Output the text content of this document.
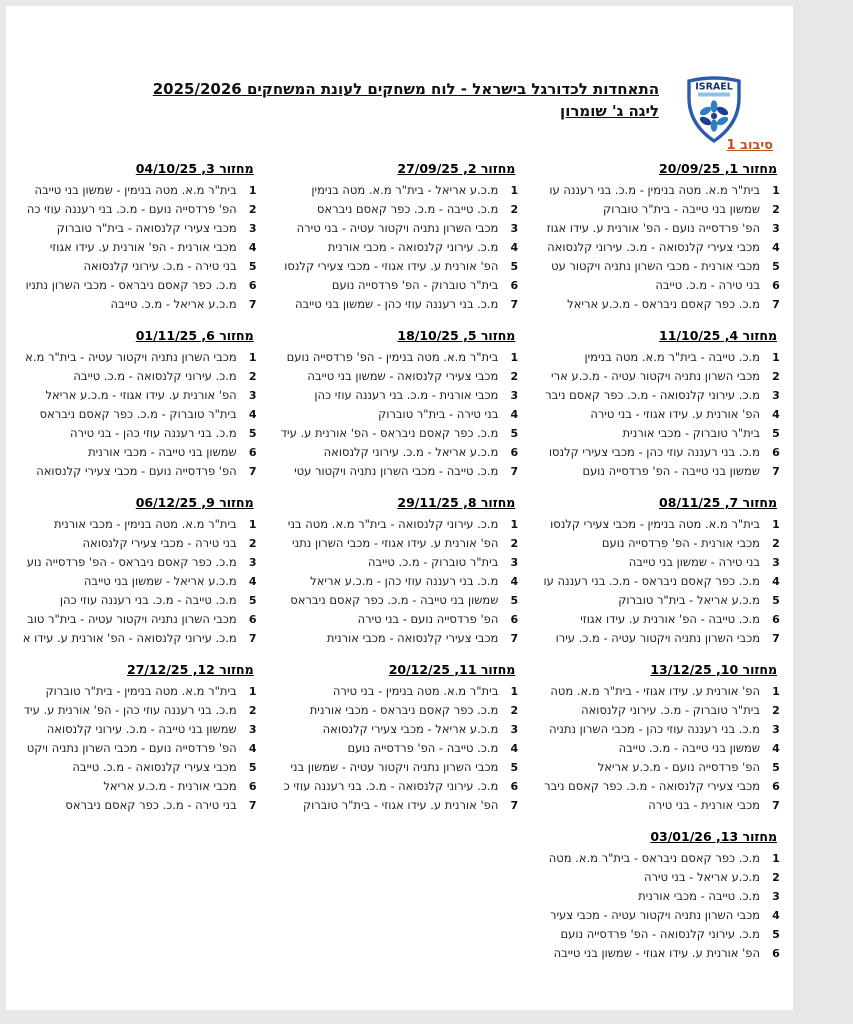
ISRAEL
התאחדות לכדורגל בישראל - לוח משחקים לעונת המשחקים 2025/2026
ליגה ג' שומרון
סיבוב 1
מחזור 1, 20/09/25
1
בית"ר מ.א. מטה בנימין - מ.כ. בני רעננה עו
2
שמשון בני טייבה - בית"ר טוברוק
3
הפ' פרדסייה נועם - הפ' אורנית ע. עידו אגוז
4
מכבי צעירי קלנסואה - מ.כ. עירוני קלנסואה
5
מכבי אורנית - מכבי השרון נתניה ויקטור עט
6
בני טירה - מ.כ. טייבה
7
מ.כ. כפר קאסם ניבראס - מ.כ.ע אריאל
מחזור 2, 27/09/25
1
מ.כ.ע אריאל - בית"ר מ.א. מטה בנימין
2
מ.כ. טייבה - מ.כ. כפר קאסם ניבראס
3
מכבי השרון נתניה ויקטור עטיה - בני טירה
4
מ.כ. עירוני קלנסואה - מכבי אורנית
5
הפ' אורנית ע. עידו אגוזי - מכבי צעירי קלנסו
6
בית"ר טוברוק - הפ' פרדסייה נועם
7
מ.כ. בני רעננה עוזי כהן - שמשון בני טייבה
מחזור 3, 04/10/25
1
בית"ר מ.א. מטה בנימין - שמשון בני טייבה
2
הפ' פרדסייה נועם - מ.כ. בני רעננה עוזי כה
3
מכבי צעירי קלנסואה - בית"ר טוברוק
4
מכבי אורנית - הפ' אורנית ע. עידו אגוזי
5
בני טירה - מ.כ. עירוני קלנסואה
6
מ.כ. כפר קאסם ניבראס - מכבי השרון נתניו
7
מ.כ.ע אריאל - מ.כ. טייבה
מחזור 4, 11/10/25
1
מ.כ. טייבה - בית"ר מ.א. מטה בנימין
2
מכבי השרון נתניה ויקטור עטיה - מ.כ.ע ארי
3
מ.כ. עירוני קלנסואה - מ.כ. כפר קאסם ניבר
4
הפ' אורנית ע. עידו אגוזי - בני טירה
5
בית"ר טוברוק - מכבי אורנית
6
מ.כ. בני רעננה עוזי כהן - מכבי צעירי קלנסו
7
שמשון בני טייבה - הפ' פרדסייה נועם
מחזור 5, 18/10/25
1
בית"ר מ.א. מטה בנימין - הפ' פרדסייה נועם
2
מכבי צעירי קלנסואה - שמשון בני טייבה
3
מכבי אורנית - מ.כ. בני רעננה עוזי כהן
4
בני טירה - בית"ר טוברוק
5
מ.כ. כפר קאסם ניבראס - הפ' אורנית ע. עיד
6
מ.כ.ע אריאל - מ.כ. עירוני קלנסואה
7
מ.כ. טייבה - מכבי השרון נתניה ויקטור עטי
מחזור 6, 01/11/25
1
מכבי השרון נתניה ויקטור עטיה - בית"ר מ.א
2
מ.כ. עירוני קלנסואה - מ.כ. טייבה
3
הפ' אורנית ע. עידו אגוזי - מ.כ.ע אריאל
4
בית"ר טוברוק - מ.כ. כפר קאסם ניבראס
5
מ.כ. בני רעננה עוזי כהן - בני טירה
6
שמשון בני טייבה - מכבי אורנית
7
הפ' פרדסייה נועם - מכבי צעירי קלנסואה
מחזור 7, 08/11/25
1
בית"ר מ.א. מטה בנימין - מכבי צעירי קלנסו
2
מכבי אורנית - הפ' פרדסייה נועם
3
בני טירה - שמשון בני טייבה
4
מ.כ. כפר קאסם ניבראס - מ.כ. בני רעננה עו
5
מ.כ.ע אריאל - בית"ר טוברוק
6
מ.כ. טייבה - הפ' אורנית ע. עידו אגוזי
7
מכבי השרון נתניה ויקטור עטיה - מ.כ. עירו
מחזור 8, 29/11/25
1
מ.כ. עירוני קלנסואה - בית"ר מ.א. מטה בני
2
הפ' אורנית ע. עידו אגוזי - מכבי השרון נתני
3
בית"ר טוברוק - מ.כ. טייבה
4
מ.כ. בני רעננה עוזי כהן - מ.כ.ע אריאל
5
שמשון בני טייבה - מ.כ. כפר קאסם ניבראס
6
הפ' פרדסייה נועם - בני טירה
7
מכבי צעירי קלנסואה - מכבי אורנית
מחזור 9, 06/12/25
1
בית"ר מ.א. מטה בנימין - מכבי אורנית
2
בני טירה - מכבי צעירי קלנסואה
3
מ.כ. כפר קאסם ניבראס - הפ' פרדסייה נוע
4
מ.כ.ע אריאל - שמשון בני טייבה
5
מ.כ. טייבה - מ.כ. בני רעננה עוזי כהן
6
מכבי השרון נתניה ויקטור עטיה - בית"ר טוב
7
מ.כ. עירוני קלנסואה - הפ' אורנית ע. עידו א
מחזור 10, 13/12/25
1
הפ' אורנית ע. עידו אגוזי - בית"ר מ.א. מטה
2
בית"ר טוברוק - מ.כ. עירוני קלנסואה
3
מ.כ. בני רעננה עוזי כהן - מכבי השרון נתניה
4
שמשון בני טייבה - מ.כ. טייבה
5
הפ' פרדסייה נועם - מ.כ.ע אריאל
6
מכבי צעירי קלנסואה - מ.כ. כפר קאסם ניבר
7
מכבי אורנית - בני טירה
מחזור 11, 20/12/25
1
בית"ר מ.א. מטה בנימין - בני טירה
2
מ.כ. כפר קאסם ניבראס - מכבי אורנית
3
מ.כ.ע אריאל - מכבי צעירי קלנסואה
4
מ.כ. טייבה - הפ' פרדסייה נועם
5
מכבי השרון נתניה ויקטור עטיה - שמשון בני
6
מ.כ. עירוני קלנסואה - מ.כ. בני רעננה עוזי כ
7
הפ' אורנית ע. עידו אגוזי - בית"ר טוברוק
מחזור 12, 27/12/25
1
בית"ר מ.א. מטה בנימין - בית"ר טוברוק
2
מ.כ. בני רעננה עוזי כהן - הפ' אורנית ע. עיד
3
שמשון בני טייבה - מ.כ. עירוני קלנסואה
4
הפ' פרדסייה נועם - מכבי השרון נתניה ויקט
5
מכבי צעירי קלנסואה - מ.כ. טייבה
6
מכבי אורנית - מ.כ.ע אריאל
7
בני טירה - מ.כ. כפר קאסם ניבראס
מחזור 13, 03/01/26
1
מ.כ. כפר קאסם ניבראס - בית"ר מ.א. מטה
2
מ.כ.ע אריאל - בני טירה
3
מ.כ. טייבה - מכבי אורנית
4
מכבי השרון נתניה ויקטור עטיה - מכבי צעיר
5
מ.כ. עירוני קלנסואה - הפ' פרדסייה נועם
6
הפ' אורנית ע. עידו אגוזי - שמשון בני טייבה
